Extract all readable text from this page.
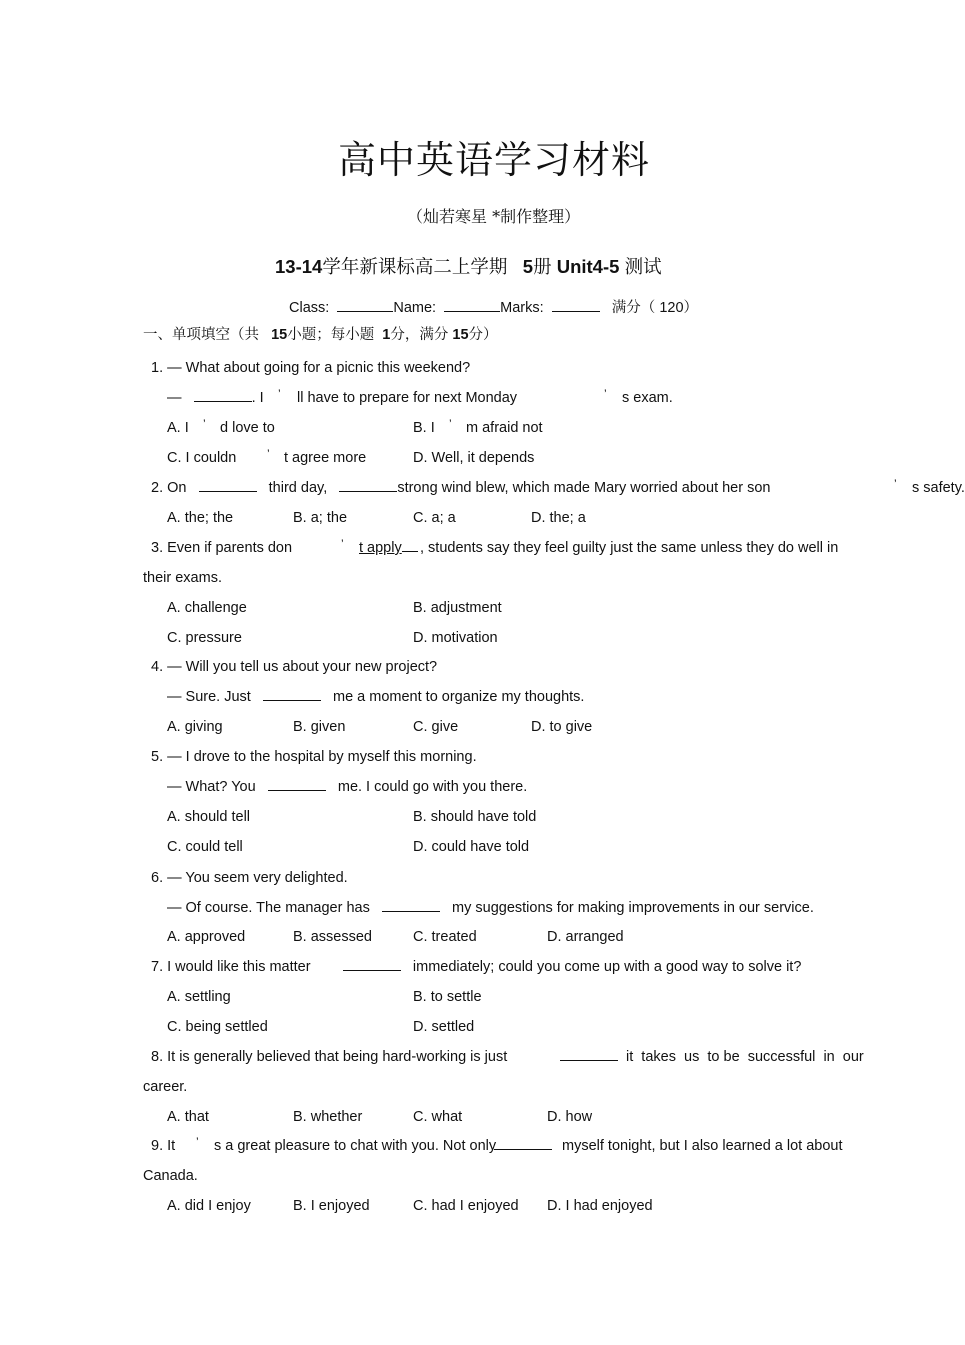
高中英语学习材料
（灿若寒星 *制作整理）
13-14学年新课标高二上学期 5册 Unit4-5 测试
Class:	Name:	Marks:	满分（ 120）
一、单项填空（共 15小题；每小题 1分，满分 15分）
1. — What about going for a picnic this weekend?
—	. I ’ ll have to prepare for next Monday	’ s exam.
A. I ’ d love to	B. I ’ m afraid not
C. I couldn	’ t agree more	D. Well, it depends
2. On	third day,	strong wind blew, which made Mary worried about her son	’ s safety.
A. the; the	B. a; the	C. a; a	D. the; a
3. Even if parents don	’ t apply	, students say they feel guilty just the same unless they do well in
their exams.
A. challenge	B. adjustment
C. pressure	D. motivation
4. — Will you tell us about your new project?
— Sure. Just	me a moment to organize my thoughts.
A. giving	B. given	C. give	D. to give
5. — I drove to the hospital by myself this morning.
— What? You	me. I could go with you there.
A. should tell	B. should have told
C. could tell	D. could have told
6. — You seem very delighted.
— Of course. The manager has	my suggestions for making improvements in our service.
A. approved	B. assessed	C. treated	D. arranged
7. I would like this matter	immediately; could you come up with a good way to solve it?
A. settling	B. to settle
C. being settled	D. settled
8. It is generally believed that being hard-working is just	it  takes  us  to be  successful  in  our
career.
A. that	B. whether	C. what	D. how
9. It ’ s a great pleasure to chat with you. Not only	myself tonight, but I also learned a lot about
Canada.
A. did I enjoy	B. I enjoyed	C. had I enjoyed D. I had enjoyed
